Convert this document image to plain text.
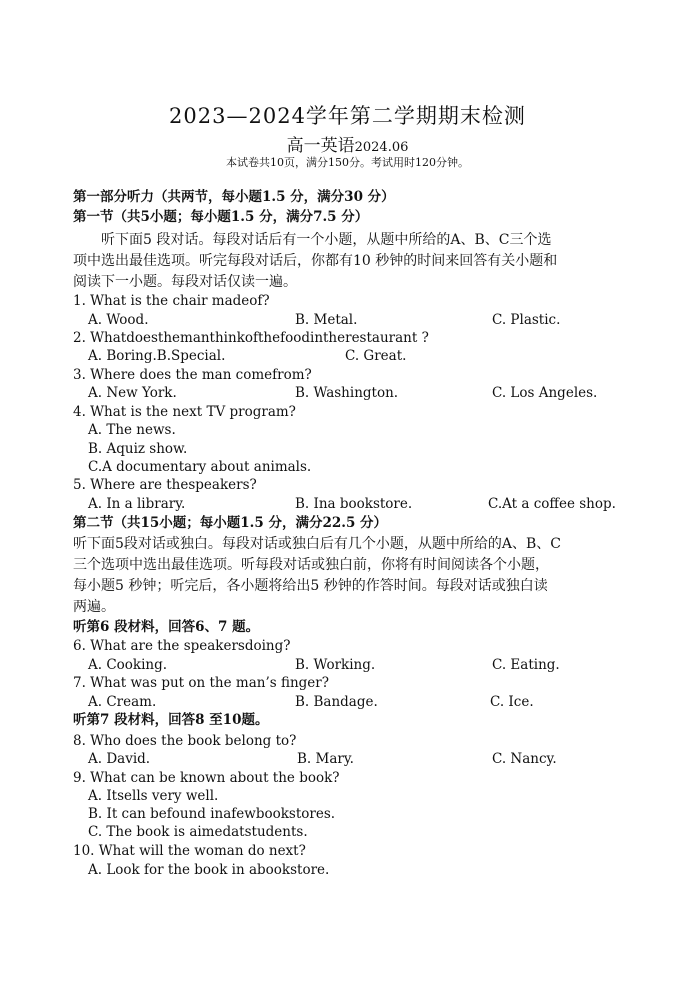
2023—2024学年第二学期期末检测
高一英语2024.06
本试卷共10页，满分150分。考试用时120分钟。
第一部分听力（共两节，每小题1.5 分，满分30 分）
第一节（共5小题；每小题1.5 分，满分7.5 分）
听下面5 段对话。每段对话后有一个小题，从题中所给的A、B、C三个选
项中选出最佳选项。听完每段对话后，你都有10 秒钟的时间来回答有关小题和
阅读下一小题。每段对话仅读一遍。
1. What is the chair madeof?
A. Wood.	B. Metal.	C. Plastic.
2. Whatdoesthemanthinkofthefoodintherestaurant ?
A. Boring.B.Special.	C. Great.
3. Where does the man comefrom?
A. New York.	B. Washington.	C. Los Angeles.
4. What is the next TV program?
A. The news.
B. Aquiz show.
C.A documentary about animals.
5. Where are thespeakers?
A. In a library.	B. Ina bookstore.	C.At a coffee shop.
第二节（共15小题；每小题1.5 分，满分22.5 分）
听下面5段对话或独白。每段对话或独白后有几个小题，从题中所给的A、B、C
三个选项中选出最佳选项。听每段对话或独白前，你将有时间阅读各个小题，
每小题5 秒钟；听完后，各小题将给出5 秒钟的作答时间。每段对话或独白读
两遍。
听第6 段材料，回答6、7 题。
6. What are the speakersdoing?
A. Cooking.	B. Working.	C. Eating.
7. What was put on the man’s finger?
A. Cream.	B. Bandage.	C. Ice.
听第7 段材料，回答8 至10题。
8. Who does the book belong to?
A. David.	B. Mary.	C. Nancy.
9. What can be known about the book?
A. Itsells very well.
B. It can befound inafewbookstores.
C. The book is aimedatstudents.
10. What will the woman do next?
A. Look for the book in abookstore.
